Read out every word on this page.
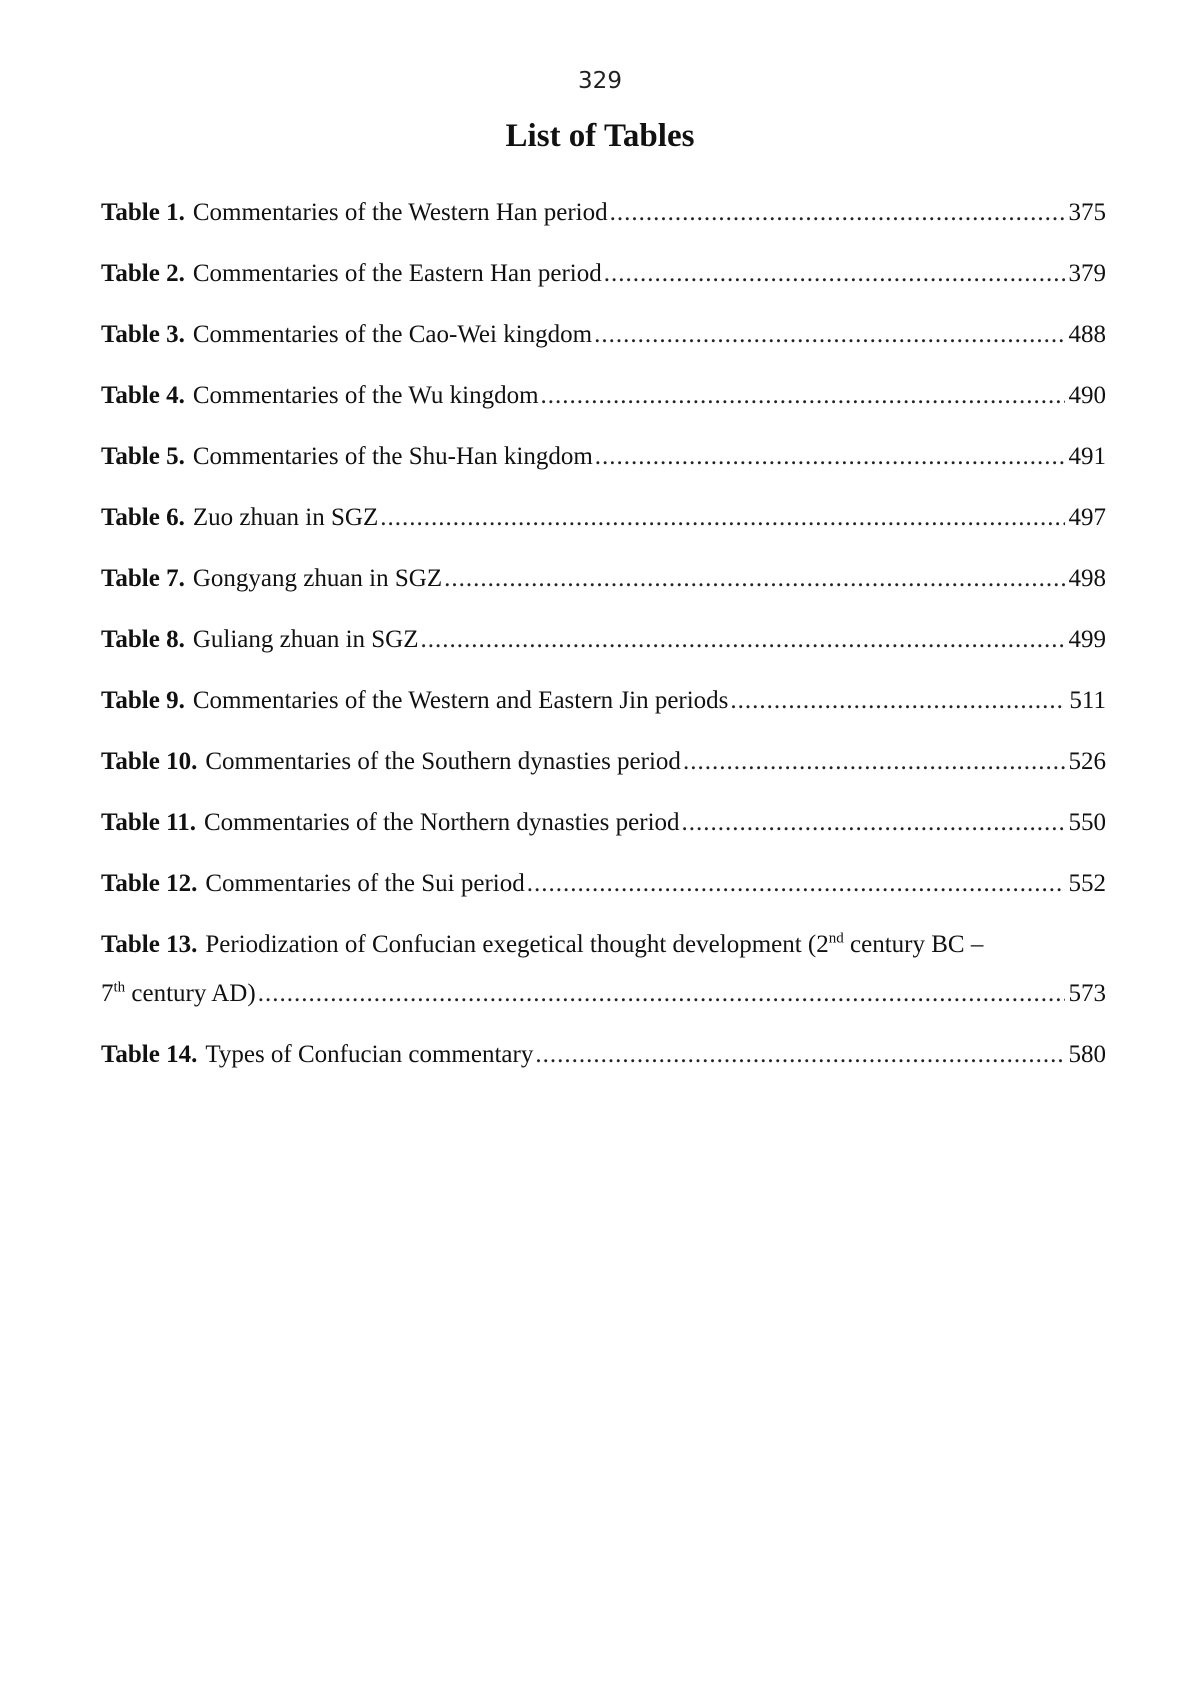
329
List of Tables
Table 1. Commentaries of the Western Han period .....	375
Table 2. Commentaries of the Eastern Han period .....	379
Table 3. Commentaries of the Cao-Wei kingdom .....	488
Table 4. Commentaries of the Wu kingdom .....	490
Table 5. Commentaries of the Shu-Han kingdom .....	491
Table 6. Zuo zhuan in SGZ .....	497
Table 7. Gongyang zhuan in SGZ .....	498
Table 8. Guliang zhuan in SGZ .....	499
Table 9. Commentaries of the Western and Eastern Jin periods .....	511
Table 10. Commentaries of the Southern dynasties period .....	526
Table 11. Commentaries of the Northern dynasties period .....	550
Table 12. Commentaries of the Sui period .....	552
Table 13. Periodization of Confucian exegetical thought development (2nd century BC –
7th century AD) .....	573
Table 14. Types of Confucian commentary .....	580
